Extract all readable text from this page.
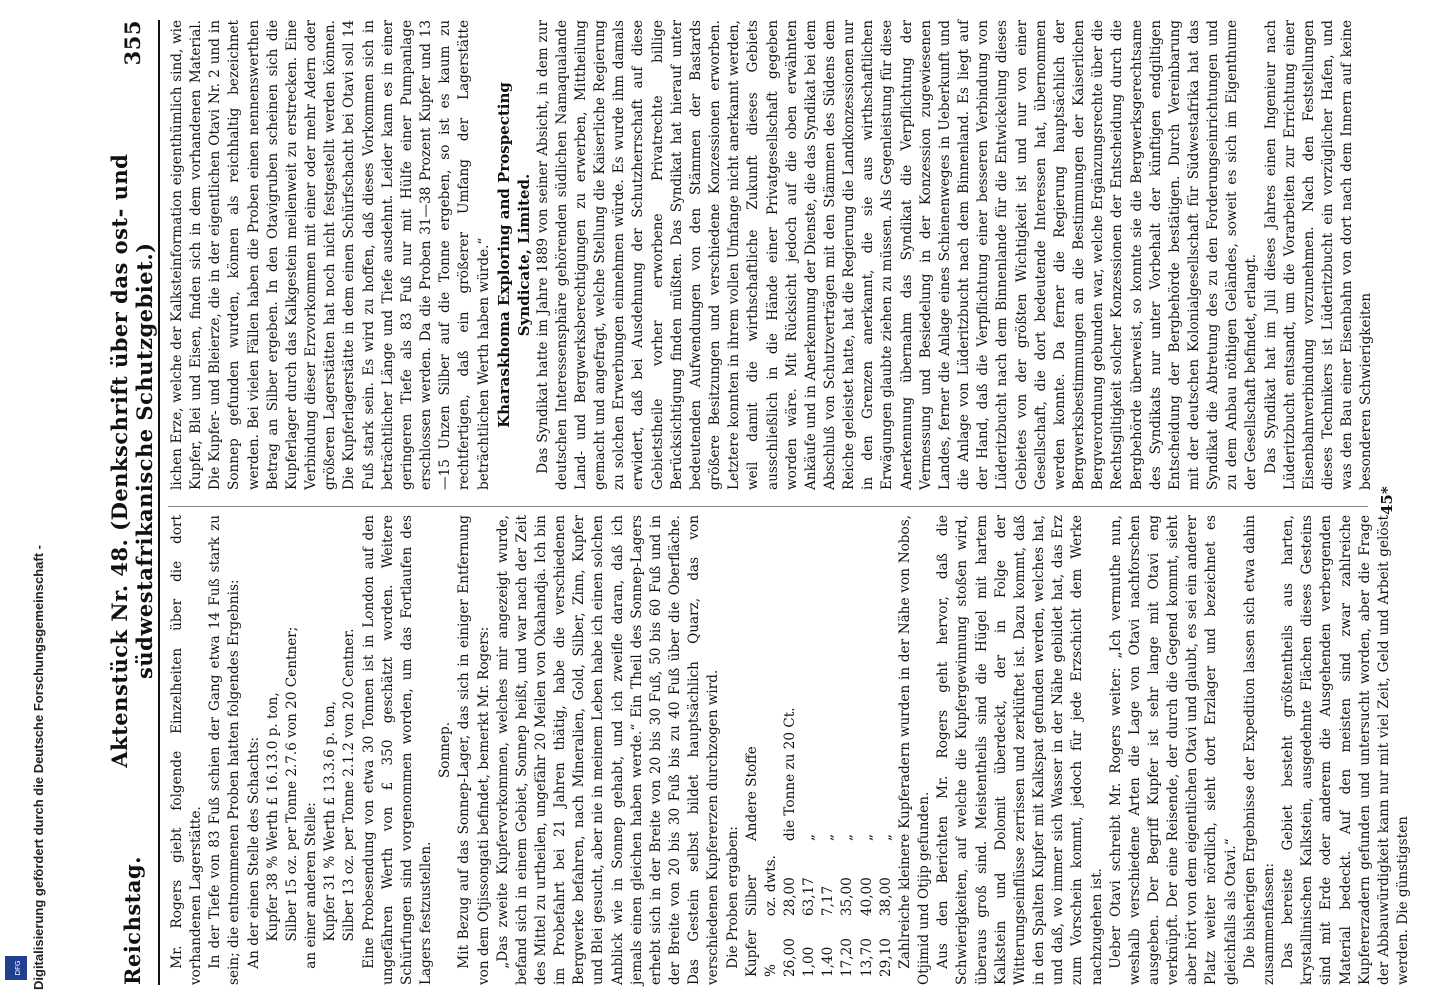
Reichstag.
Aktenstück Nr. 48. (Denkschrift über das ost- und südwestafrikanische Schutzgebiet.)
355

Mr. Rogers giebt folgende Einzelheiten über die dort vorhandenen Lagerstätte. In der Tiefe von 83 Fuß schien der Gang etwa 14 Fuß stark zu sein; die entnommenen Proben hatten folgendes Ergebnis: An der einen Stelle des Schachts: Kupfer 38 % Werth £ 16.13.0 p. ton, Silber 15 oz. per Tonne 2.7.6 von 20 Centner; an einer anderen Stelle: Kupfer 31 % Werth £ 13.3.6 p. ton, Silber 13 oz. per Tonne 2.1.2 von 20 Centner. Eine Probesendung von etwa 30 Tonnen ist in London auf den ungefähren Werth von £ 350 geschätzt worden. Weitere Schürfungen sind vorgenommen worden, um das Fortlaufen des Lagers festzustellen.

Sonnep. Mit Bezug auf das Sonnep-Lager, das sich in einiger Entfernung von dem Otjissongati befindet, bemerkt Mr. Rogers: „Das zweite Kupfervorkommen, welches mir angezeigt wurde, befand sich in einem Gebiet, Sonnep heißt, und war nach der Zeit des Mittel zu urtheilen, ungefähr 20 Meilen von Okahandja. Ich bin im Probefahrt bei 21 Jahren thätig, habe die verschiedenen Bergwerke befahren, nach Mineralien, Gold, Silber, Zinn, Kupfer und Blei gesucht, aber nie in meinem Leben habe ich einen solchen Anblick wie in Sonnep gehabt, und ich zweifle daran, daß ich jemals einen gleichen haben werde.“ Ein Theil des Sonnep-Lagers erhebt sich in der Breite von 20 bis 30 Fuß, 50 bis 60 Fuß und in der Breite von 20 bis 30 Fuß bis zu 40 Fuß über die Oberfläche. Das Gestein selbst bildet hauptsächlich Quarz, das von verschiedenen Kupfererzen durchzogen wird. Die Proben ergaben: Kupfer	Silber	Andere Stoffe
%	oz. dwts.	
26,00	28,00	die Tonne zu 20 Ct.
1,00	63,17	„
1,40	7,17	„
17,20	35,00	„
13,70	40,00	„
29,10	38,00	„ Zahlreiche kleinere Kupferadern wurden in der Nähe von Nobos, Otjimid und Otjip gefunden. Aus den Berichten Mr. Rogers geht hervor, daß die Schwierigkeiten, auf welche die Kupfergewinnung stoßen wird, überaus groß sind. Meistentheils sind die Hügel mit hartem Kalkstein und Dolomit überdeckt, der in Folge der Witterungseinflüsse zerrissen und zerklüftet ist. Dazu kommt, daß in den Spalten Kupfer mit Kalkspat gefunden werden, welches hat, und daß, wo immer sich Wasser in der Nähe gebildet hat, das Erz zum Vorschein kommt, jedoch für jede Erzschicht dem Werke nachzugehen ist. Ueber Otavi schreibt Mr. Rogers weiter: „Ich vermuthe nun, weshalb verschiedene Arten die Lage von Otavi nachforschen ausgeben. Der Begriff Kupfer ist sehr lange mit Otavi eng verknüpft. Der eine Reisende, der durch die Gegend kommt, sieht aber hört von dem eigentlichen Otavi und glaubt, es sei ein anderer Platz weiter nördlich, sieht dort Erzlager und bezeichnet es gleichfalls als Otavi.“ Die bisherigen Ergebnisse der Expedition lassen sich etwa dahin zusammenfassen: Das bereiste Gebiet besteht größtentheils aus harten, krystallinischen Kalkstein, ausgedehnte Flächen dieses Gesteins sind mit Erde oder anderem die Ausgehenden verbergenden Material bedeckt. Auf den meisten sind zwar zahlreiche Kupfererzadern gefunden und untersucht worden, aber die Frage der Abbauwürdigkeit kann nur mit viel Zeit, Geld und Arbeit gelöst werden. Die günstigsten

lichen Erze, welche der Kalksteinformation eigenthümlich sind, wie Kupfer, Blei und Eisen, finden sich in dem vorhandenen Material. Die Kupfer- und Bleierze, die in der eigentlichen Otavi Nr. 2 und in Sonnep gefunden wurden, können als reichhaltig bezeichnet werden. Bei vielen Fällen haben die Proben einen nennenswerthen Betrag an Silber ergeben. In den Otavigruben scheinen sich die Kupferlager durch das Kalkgestein meilenweit zu erstrecken. Eine Verbindung dieser Erzvorkommen mit einer oder mehr Adern oder größeren Lagerstätten hat noch nicht festgestellt werden können. Die Kupferlagerstätte in dem einen Schürfschacht bei Otavi soll 14 Fuß stark sein. Es wird zu hoffen, daß dieses Vorkommen sich in beträchtlicher Länge und Tiefe ausdehnt. Leider kann es in einer geringeren Tiefe als 83 Fuß nur mit Hülfe einer Pumpanlage erschlossen werden. Da die Proben 31—38 Prozent Kupfer und 13—15 Unzen Silber auf die Tonne ergeben, so ist es kaum zu rechtfertigen, daß ein größerer Umfang der Lagerstätte beträchtlichen Werth haben würde.“ Kharaskhoma Exploring and Prospecting Syndicate, Limited. Das Syndikat hatte im Jahre 1889 von seiner Absicht, in dem zur deutschen Interessensphäre gehörenden südlichen Namaqualande Land- und Bergwerksberechtigungen zu erwerben, Mittheilung gemacht und angefragt, welche Stellung die Kaiserliche Regierung zu solchen Erwerbungen einnehmen würde. Es wurde ihm damals erwidert, daß bei Ausdehnung der Schutzherrschaft auf diese Gebietstheile vorher erworbene Privatrechte billige Berücksichtigung finden müßten. Das Syndikat hat hierauf unter bedeutenden Aufwendungen von den Stämmen der Bastards größere Besitzungen und verschiedene Konzessionen erworben. Letztere konnten in ihrem vollen Umfange nicht anerkannt werden, weil damit die wirthschaftliche Zukunft dieses Gebiets ausschließlich in die Hände einer Privatgesellschaft gegeben worden wäre. Mit Rücksicht jedoch auf die oben erwähnten Ankäufe und in Anerkennung der Dienste, die das Syndikat bei dem Abschluß von Schutzverträgen mit den Stämmen des Südens dem Reiche geleistet hatte, hat die Regierung die Landkonzessionen nur in den Grenzen anerkannt, die sie aus wirthschaftlichen Erwägungen glaubte ziehen zu müssen. Als Gegenleistung für diese Anerkennung übernahm das Syndikat die Verpflichtung der Vermessung und Besiedelung in der Konzession zugewiesenen Landes, ferner die Anlage eines Schienenweges in Ueberkunft und die Anlage von Lüderitzbucht nach dem Binnenland. Es liegt auf der Hand, daß die Verpflichtung einer besseren Verbindung von Lüderitzbucht nach dem Binnenlande für die Entwickelung dieses Gebietes von der größten Wichtigkeit ist und nur von einer Gesellschaft, die dort bedeutende Interessen hat, übernommen werden konnte. Da ferner die Regierung hauptsächlich der Bergwerksbestimmungen an die Bestimmungen der Kaiserlichen Bergverordnung gebunden war, welche Ergänzungsrechte über die Rechtsgiltigkeit solcher Konzessionen der Entscheidung durch die Bergbehörde überweist, so konnte sie die Bergwerksgerechtsame des Syndikats nur unter Vorbehalt der künftigen endgiltigen Entscheidung der Bergbehörde bestätigen. Durch Vereinbarung mit der deutschen Kolonialgesellschaft für Südwestafrika hat das Syndikat die Abtretung des zu den Forderungseinrichtungen und zu dem Anbau nöthigen Geländes, soweit es sich im Eigenthume der Gesellschaft befindet, erlangt. Das Syndikat hat im Juli dieses Jahres einen Ingenieur nach Lüderitzbucht entsandt, um die Vorarbeiten zur Errichtung einer Eisenbahnverbindung vorzunehmen. Nach den Feststellungen dieses Technikers ist Lüderitzbucht ein vorzüglicher Hafen, und was den Bau einer Eisenbahn von dort nach dem Innern auf keine besonderen Schwierigkeiten

45*
Digitalisierung gefördert durch die Deutsche Forschungsgemeinschaft -
DFG
